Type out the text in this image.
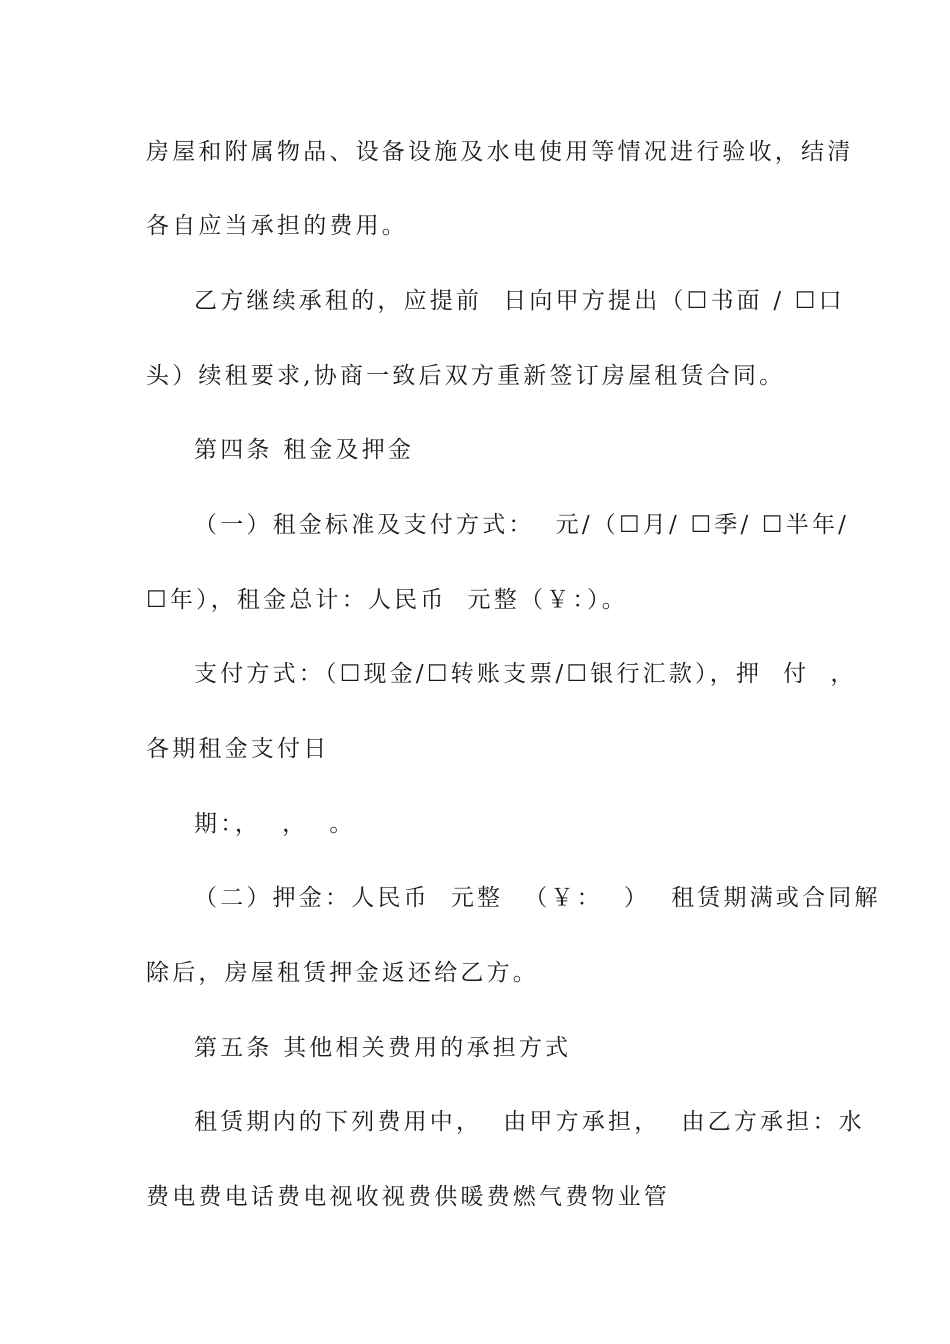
房屋和附属物品、设备设施及水电使用等情况进行验收，结清
各自应当承担的费用。
乙方继续承租的，应提前  日向甲方提出（☐书面 / ☐口
头）续租要求,协商一致后双方重新签订房屋租赁合同。
第四条 租金及押金
（一）租金标准及支付方式：  元/（☐月/ ☐季/ ☐半年/
☐年），租金总计：人民币  元整（￥：）。
支付方式：（☐现金/☐转账支票/☐银行汇款），押  付  ，
各期租金支付日
期：，  ，  。
（二）押金：人民币  元整  （￥：  ）  租赁期满或合同解
除后，房屋租赁押金返还给乙方。
第五条 其他相关费用的承担方式
租赁期内的下列费用中，  由甲方承担，  由乙方承担：水
费电费电话费电视收视费供暖费燃气费物业管
